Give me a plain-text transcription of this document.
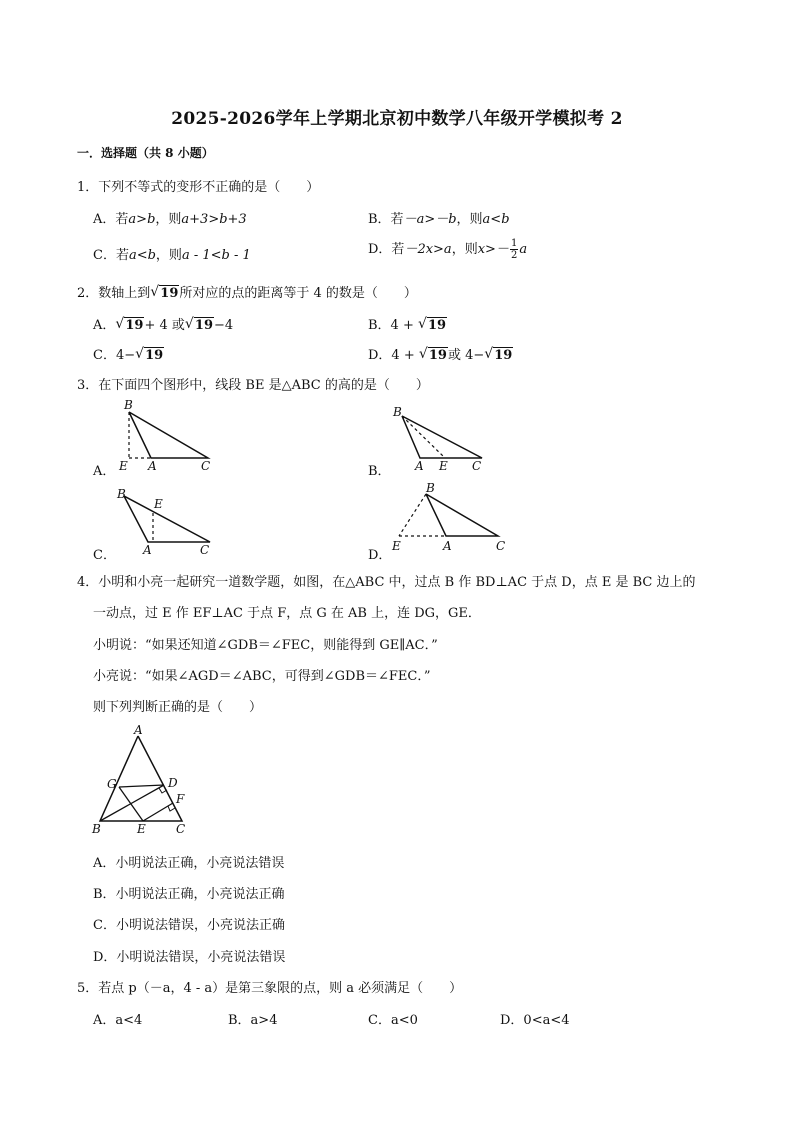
2025-2026学年上学期北京初中数学八年级开学模拟考 2
一．选择题（共 8 小题）
1．下列不等式的变形不正确的是（　　）
A．若a>b，则a+3>b+3	B．若－a>－b，则a<b
C．若a<b，则a - 1<b - 1	D．若－2x>a，则$x>- \frac{1}{2}$ a
2．数轴上到 √ 19所对应的点的距离等于 4 的数是（　　）
A． √ 19+ 4 或 √ 19−4	B．4 + √ 19
C．4− √ 19	D．4 + √ 19或 4− √ 19
3．在下面四个图形中，线段 BE 是△ABC 的高的是（　　）
A．
B
E A	C	B．
B
A E C
C．
B
E
A	C	D．
B
E	A	C
4．小明和小亮一起研究一道数学题，如图，在△ABC 中，过点 B 作 BD⊥AC 于点 D，点 E 是 BC 边上的
一动点，过 E 作 EF⊥AC 于点 F，点 G 在 AB 上，连 DG，GE．
小明说：“如果还知道∠GDB＝∠FEC，则能得到 GE∥AC．”
小亮说：“如果∠AGD＝∠ABC，可得到∠GDB＝∠FEC．”
则下列判断正确的是（　　）
A
G	D
F
B	E	C
A．小明说法正确，小亮说法错误
B．小明说法正确，小亮说法正确
C．小明说法错误，小亮说法正确
D．小明说法错误，小亮说法错误
5．若点 p（－a，4 - a）是第三象限的点，则 a 必须满足（　　）
A．a<4	B．a>4	C．a<0	D．0<a<4
